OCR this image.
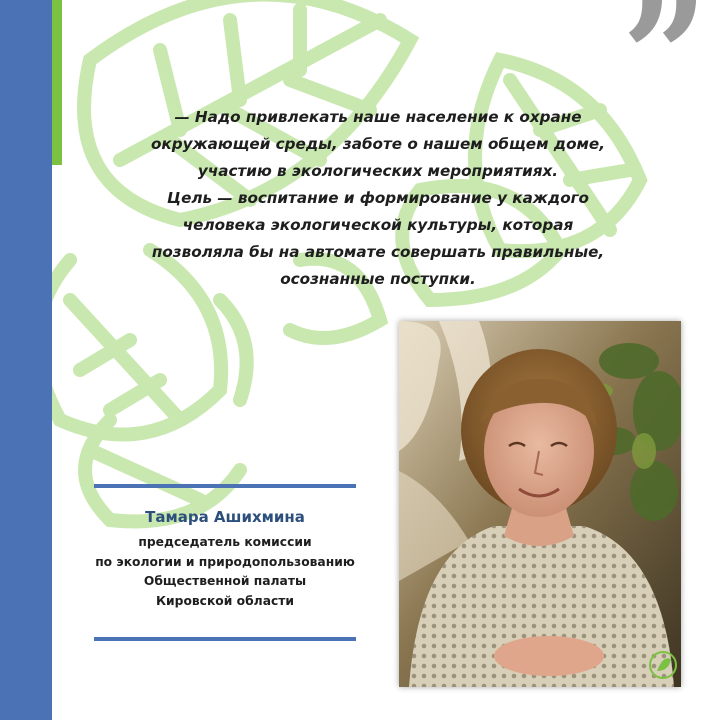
”

— Надо привлекать наше население к охране
окружающей среды, заботе о нашем общем доме,
участию в экологических мероприятиях.
Цель — воспитание и формирование у каждого
человека экологической культуры, которая
позволяла бы на автомате совершать правильные,
осознанные поступки.

Тамара Ашихмина
председатель комиссии
по экологии и природопользованию
Общественной палаты
Кировской области
